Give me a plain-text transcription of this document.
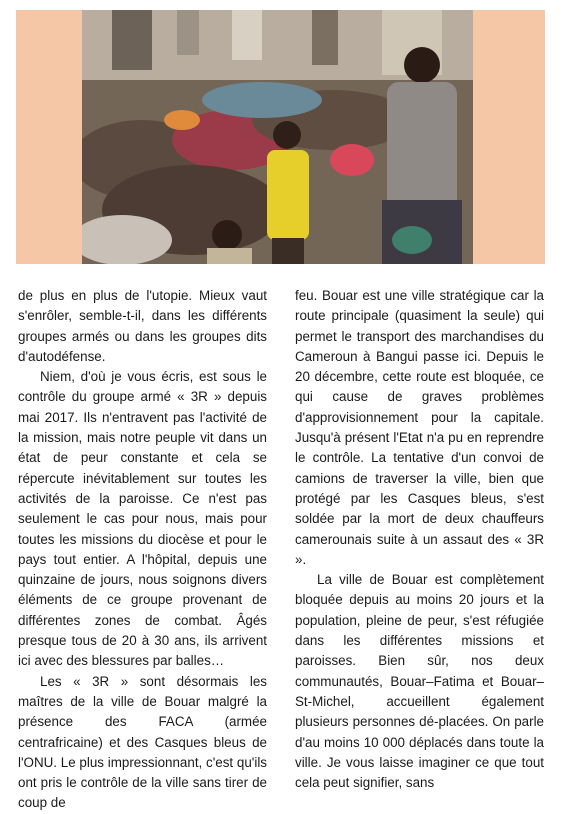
de plus en plus de l'utopie. Mieux vaut s'enrôler, semble-t-il, dans les différents groupes armés ou dans les groupes dits d'autodéfense.

Niem, d'où je vous écris, est sous le contrôle du groupe armé « 3R » depuis mai 2017. Ils n'entravent pas l'activité de la mission, mais notre peuple vit dans un état de peur constante et cela se répercute inévitablement sur toutes les activités de la paroisse. Ce n'est pas seulement le cas pour nous, mais pour toutes les missions du diocèse et pour le pays tout entier. A l'hôpital, depuis une quinzaine de jours, nous soignons divers éléments de ce groupe provenant de différentes zones de combat. Âgés presque tous de 20 à 30 ans, ils arrivent ici avec des blessures par balles…

Les « 3R » sont désormais les maîtres de la ville de Bouar malgré la présence des FACA (armée centrafricaine) et des Casques bleus de l'ONU. Le plus impressionnant, c'est qu'ils ont pris le contrôle de la ville sans tirer de coup de

feu. Bouar est une ville stratégique car la route principale (quasiment la seule) qui permet le transport des marchandises du Cameroun à Bangui passe ici. Depuis le 20 décembre, cette route est bloquée, ce qui cause de graves problèmes d'approvisionnement pour la capitale. Jusqu'à présent l'Etat n'a pu en reprendre le contrôle. La tentative d'un convoi de camions de traverser la ville, bien que protégé par les Casques bleus, s'est soldée par la mort de deux chauffeurs camerounais suite à un assaut des « 3R ».

La ville de Bouar est complètement bloquée depuis au moins 20 jours et la population, pleine de peur, s'est réfugiée dans les différentes missions et paroisses. Bien sûr, nos deux communautés, Bouar–Fatima et Bouar–St-Michel, accueillent également plusieurs personnes dé-placées. On parle d'au moins 10 000 déplacés dans toute la ville. Je vous laisse imaginer ce que tout cela peut signifier, sans
